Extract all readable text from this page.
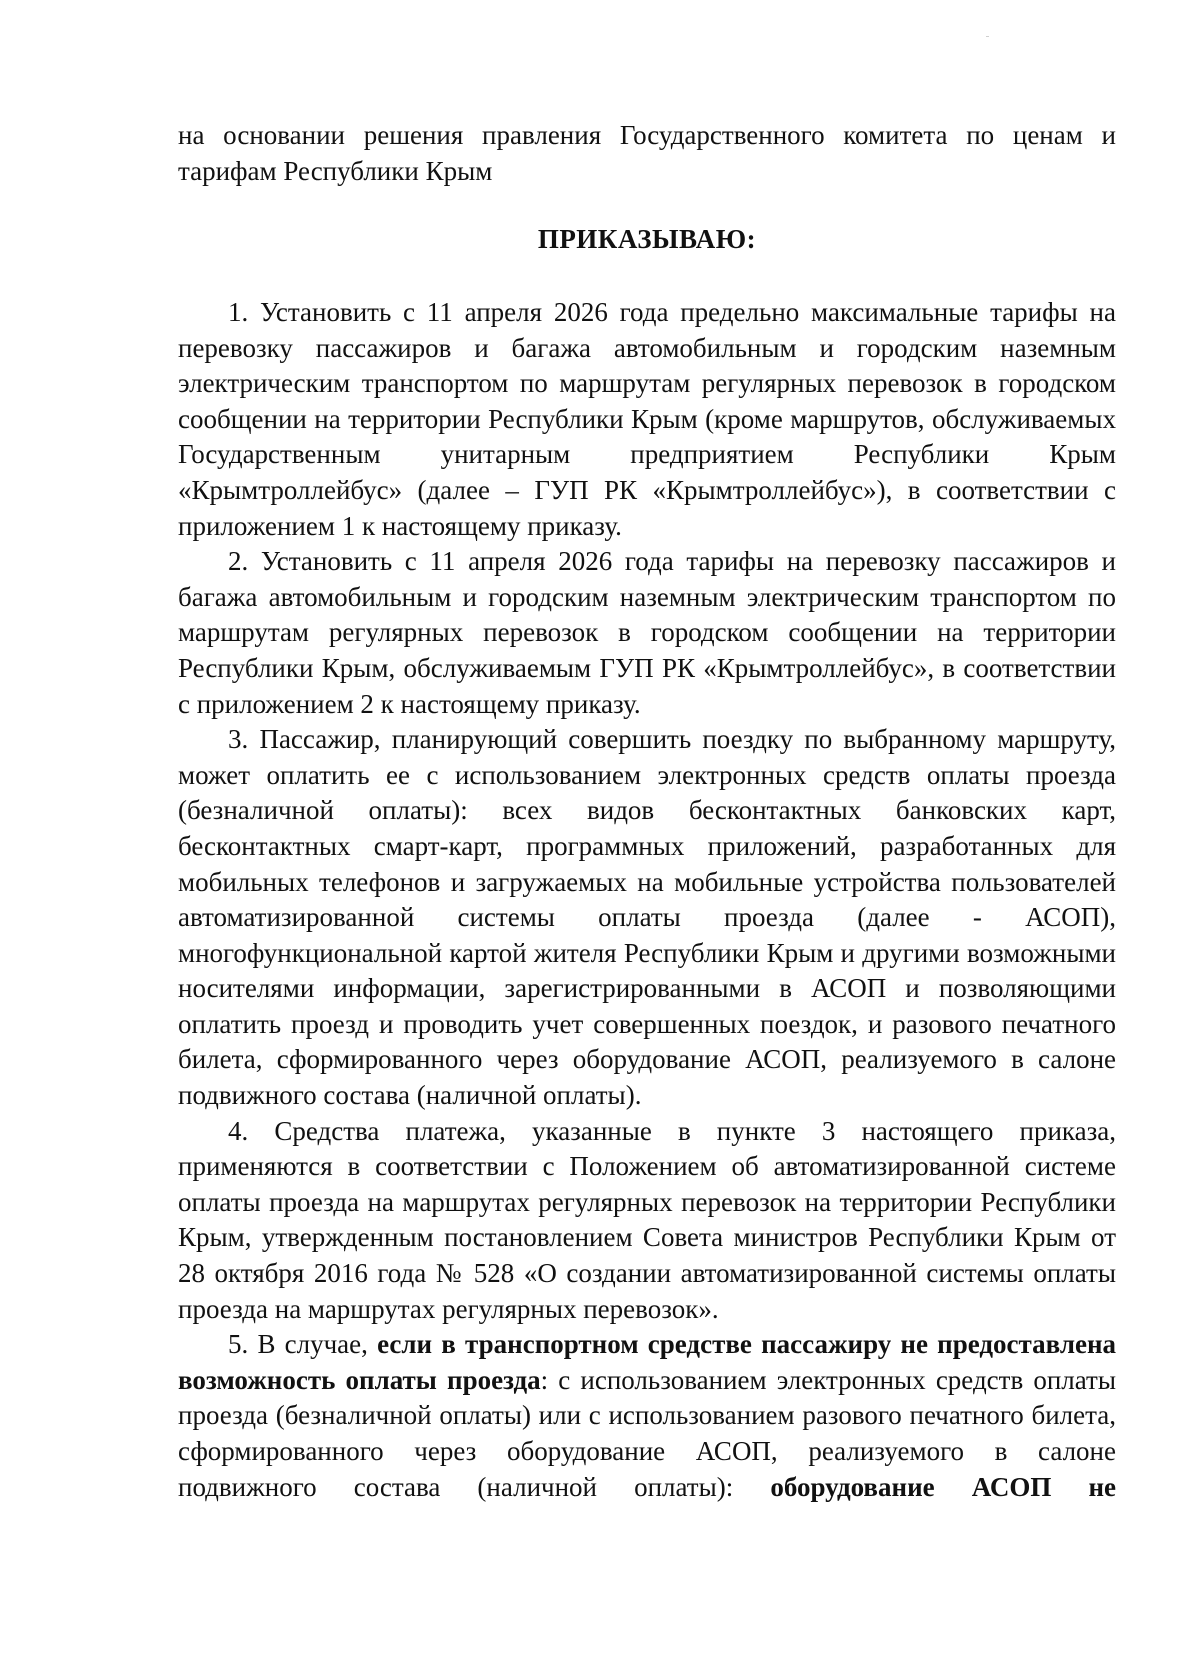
на основании решения правления Государственного комитета по ценам и тарифам Республики Крым
ПРИКАЗЫВАЮ:

1. Установить с 11 апреля 2026 года предельно максимальные тарифы на перевозку пассажиров и багажа автомобильным и городским наземным электрическим транспортом по маршрутам регулярных перевозок в городском сообщении на территории Республики Крым (кроме маршрутов, обслуживаемых Государственным унитарным предприятием Республики Крым «Крымтроллейбус» (далее – ГУП РК «Крымтроллейбус»), в соответствии с приложением 1 к настоящему приказу.

2. Установить с 11 апреля 2026 года тарифы на перевозку пассажиров и багажа автомобильным и городским наземным электрическим транспортом по маршрутам регулярных перевозок в городском сообщении на территории Республики Крым, обслуживаемым ГУП РК «Крымтроллейбус», в соответствии с приложением 2 к настоящему приказу.

3. Пассажир, планирующий совершить поездку по выбранному маршруту, может оплатить ее с использованием электронных средств оплаты проезда (безналичной оплаты): всех видов бесконтактных банковских карт, бесконтактных смарт-карт, программных приложений, разработанных для мобильных телефонов и загружаемых на мобильные устройства пользователей автоматизированной системы оплаты проезда (далее - АСОП), многофункциональной картой жителя Республики Крым и другими возможными носителями информации, зарегистрированными в АСОП и позволяющими оплатить проезд и проводить учет совершенных поездок, и разового печатного билета, сформированного через оборудование АСОП, реализуемого в салоне подвижного состава (наличной оплаты).

4. Средства платежа, указанные в пункте 3 настоящего приказа, применяются в соответствии с Положением об автоматизированной системе оплаты проезда на маршрутах регулярных перевозок на территории Республики Крым, утвержденным постановлением Совета министров Республики Крым от 28 октября 2016 года № 528 «О создании автоматизированной системы оплаты проезда на маршрутах регулярных перевозок».

5. В случае, если в транспортном средстве пассажиру не предоставлена возможность оплаты проезда: с использованием электронных средств оплаты проезда (безналичной оплаты) или с использованием разового печатного билета, сформированного через оборудование АСОП, реализуемого в салоне подвижного состава (наличной оплаты): оборудование АСОП не
